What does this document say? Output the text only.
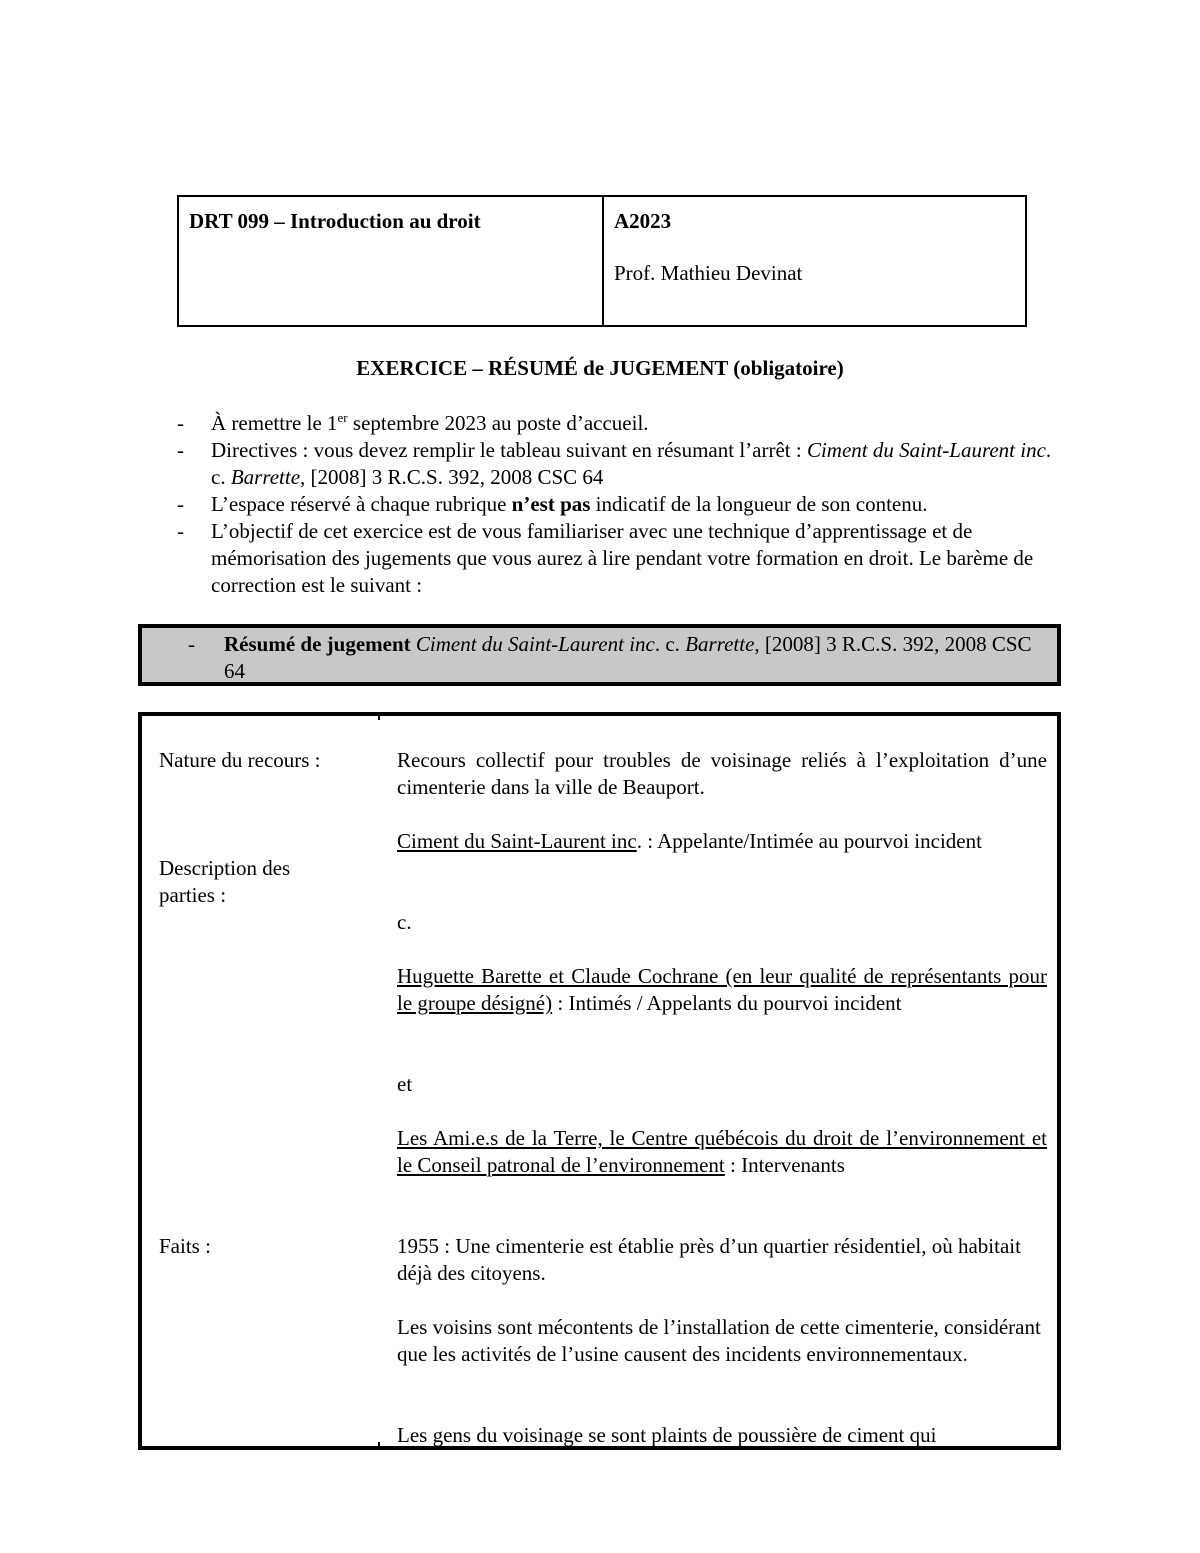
DRT 099 – Introduction au droit	A2023
Prof. Mathieu Devinat
EXERCICE – RÉSUMÉ de JUGEMENT (obligatoire)
- À remettre le 1er septembre 2023 au poste d’accueil.
- Directives : vous devez remplir le tableau suivant en résumant l’arrêt : Ciment du Saint-Laurent inc. c. Barrette, [2008] 3 R.C.S. 392, 2008 CSC 64
- L’espace réservé à chaque rubrique n’est pas indicatif de la longueur de son contenu.
- L’objectif de cet exercice est de vous familiariser avec une technique d’apprentissage et de mémorisation des jugements que vous aurez à lire pendant votre formation en droit. Le barème de correction est le suivant :
- Résumé de jugement Ciment du Saint-Laurent inc. c. Barrette, [2008] 3 R.C.S. 392, 2008 CSC 64
Nature du recours :	Recours collectif pour troubles de voisinage reliés à l’exploitation d’une cimenterie dans la ville de Beauport.
Description des parties :
Ciment du Saint-Laurent inc. : Appelante/Intimée au pourvoi incident
c.
Huguette Barette et Claude Cochrane (en leur qualité de représentants pour le groupe désigné) : Intimés / Appelants du pourvoi incident
et
Les Ami.e.s de la Terre, le Centre québécois du droit de l’environnement et le Conseil patronal de l’environnement : Intervenants
Faits :	1955 : Une cimenterie est établie près d’un quartier résidentiel, où habitait déjà des citoyens.
Les voisins sont mécontents de l’installation de cette cimenterie, considérant que les activités de l’usine causent des incidents environnementaux.
Les gens du voisinage se sont plaints de poussière de ciment qui
